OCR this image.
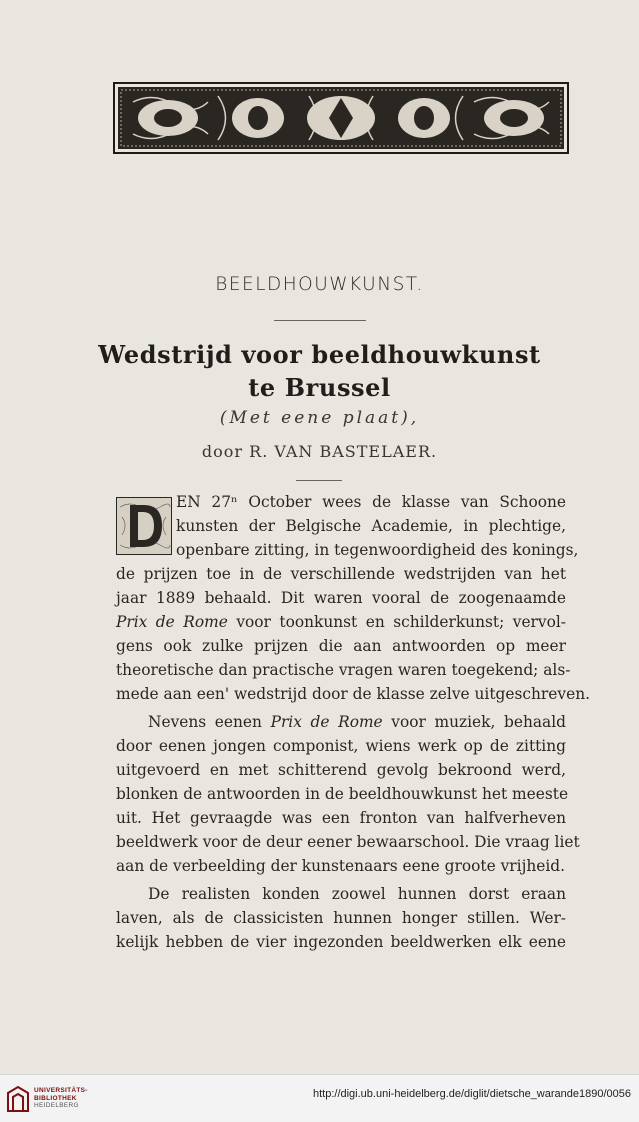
BEELDHOUWKUNST.
Wedstrijd voor beeldhouwkunst
te Brussel
(Met eene plaat),
door R. VAN BASTELAER.
EN 27ⁿ October wees de klasse van Schoone
kunsten der Belgische Academie, in plechtige,
openbare zitting, in tegenwoordigheid des konings,
de prijzen toe in de verschillende wedstrijden van het
jaar 1889 behaald. Dit waren vooral de zoogenaamde
Prix de Rome voor toonkunst en schilderkunst; vervol-
gens ook zulke prijzen die aan antwoorden op meer
theoretische dan practische vragen waren toegekend; als-
mede aan een' wedstrijd door de klasse zelve uitgeschreven.
Nevens eenen Prix de Rome voor muziek, behaald
door eenen jongen componist, wiens werk op de zitting
uitgevoerd en met schitterend gevolg bekroond werd,
blonken de antwoorden in de beeldhouwkunst het meeste
uit. Het gevraagde was een fronton van halfverheven
beeldwerk voor de deur eener bewaarschool. Die vraag liet
aan de verbeelding der kunstenaars eene groote vrijheid.
De realisten konden zoowel hunnen dorst eraan
laven, als de classicisten hunnen honger stillen. Wer-
kelijk hebben de vier ingezonden beeldwerken elk eene
UNIVERSITÄTS-
BIBLIOTHEK
HEIDELBERG
http://digi.ub.uni-heidelberg.de/diglit/dietsche_warande1890/0056
